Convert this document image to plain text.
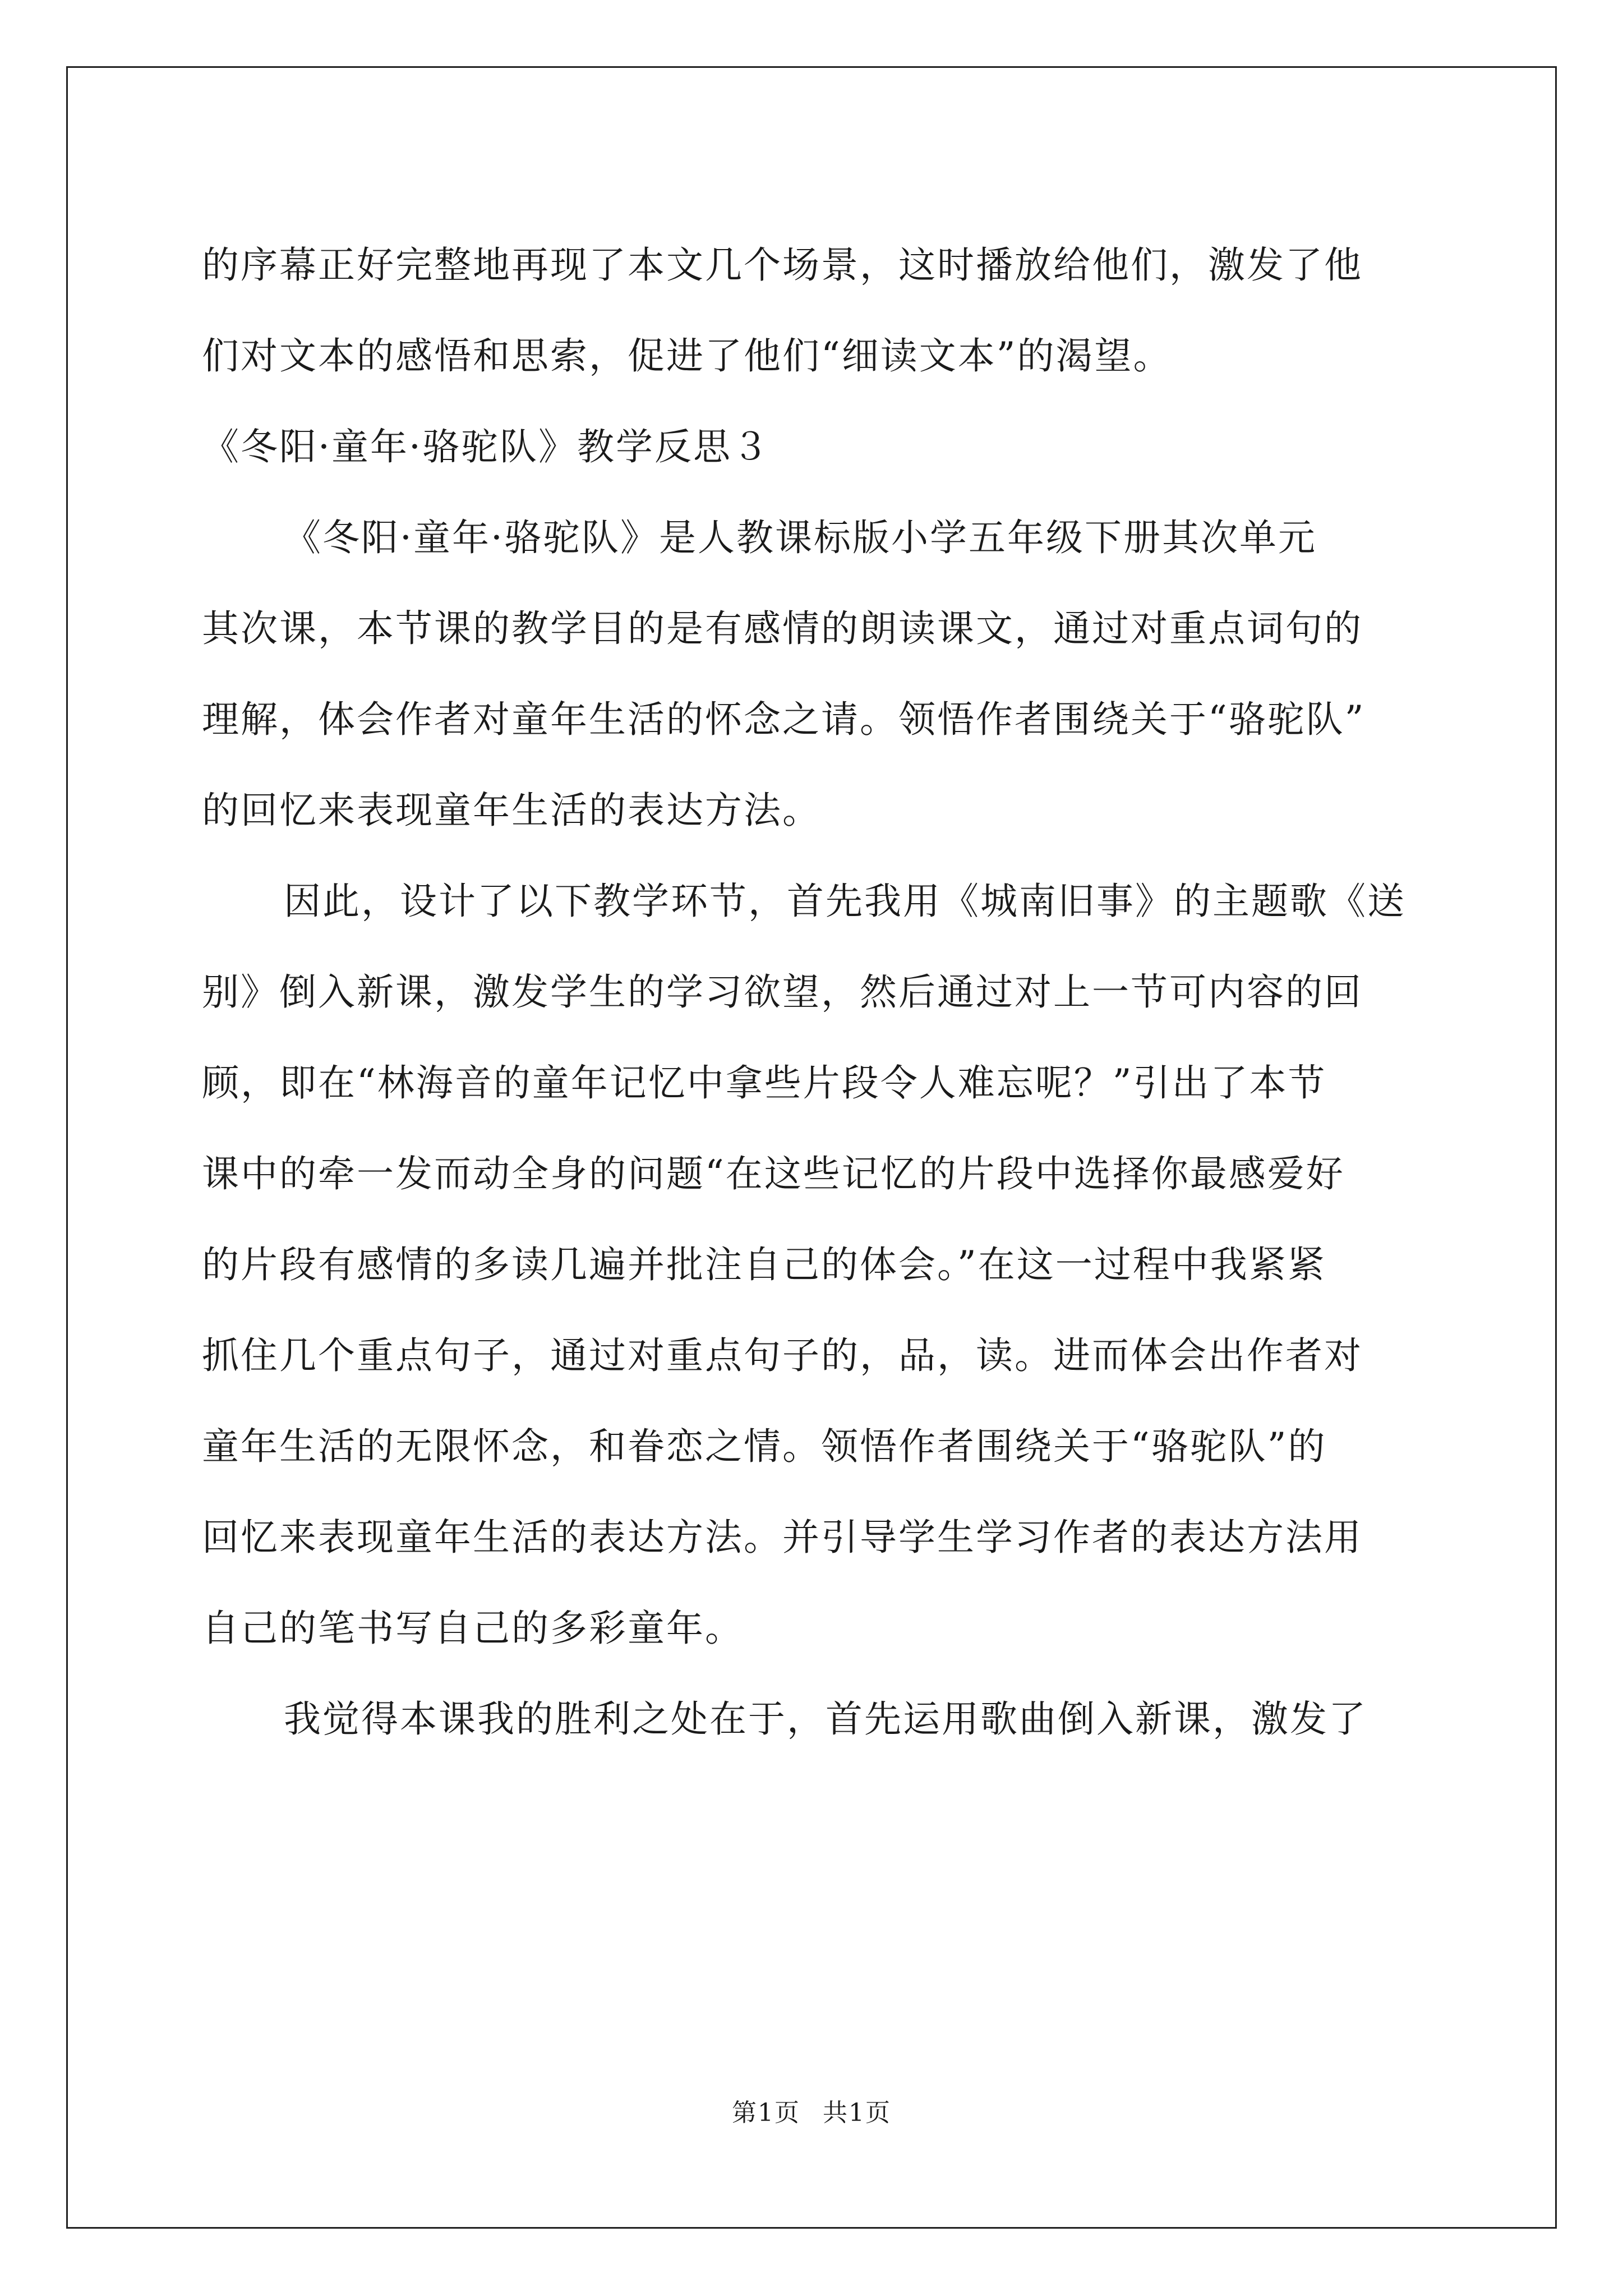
的序幕正好完整地再现了本文几个场景，这时播放给他们，激发了他
们对文本的感悟和思索，促进了他们“细读文本”的渴望。
《冬阳·童年·骆驼队》教学反思３
《冬阳·童年·骆驼队》是人教课标版小学五年级下册其次单元
其次课，本节课的教学目的是有感情的朗读课文，通过对重点词句的
理解，体会作者对童年生活的怀念之请。领悟作者围绕关于“骆驼队”
的回忆来表现童年生活的表达方法。
因此，设计了以下教学环节，首先我用《城南旧事》的主题歌《送
别》倒入新课，激发学生的学习欲望，然后通过对上一节可内容的回
顾，即在“林海音的童年记忆中拿些片段令人难忘呢？”引出了本节
课中的牵一发而动全身的问题“在这些记忆的片段中选择你最感爱好
的片段有感情的多读几遍并批注自己的体会。”在这一过程中我紧紧
抓住几个重点句子，通过对重点句子的，品，读。进而体会出作者对
童年生活的无限怀念，和眷恋之情。领悟作者围绕关于“骆驼队”的
回忆来表现童年生活的表达方法。并引导学生学习作者的表达方法用
自己的笔书写自己的多彩童年。
我觉得本课我的胜利之处在于，首先运用歌曲倒入新课，激发了
第1页 共1页
